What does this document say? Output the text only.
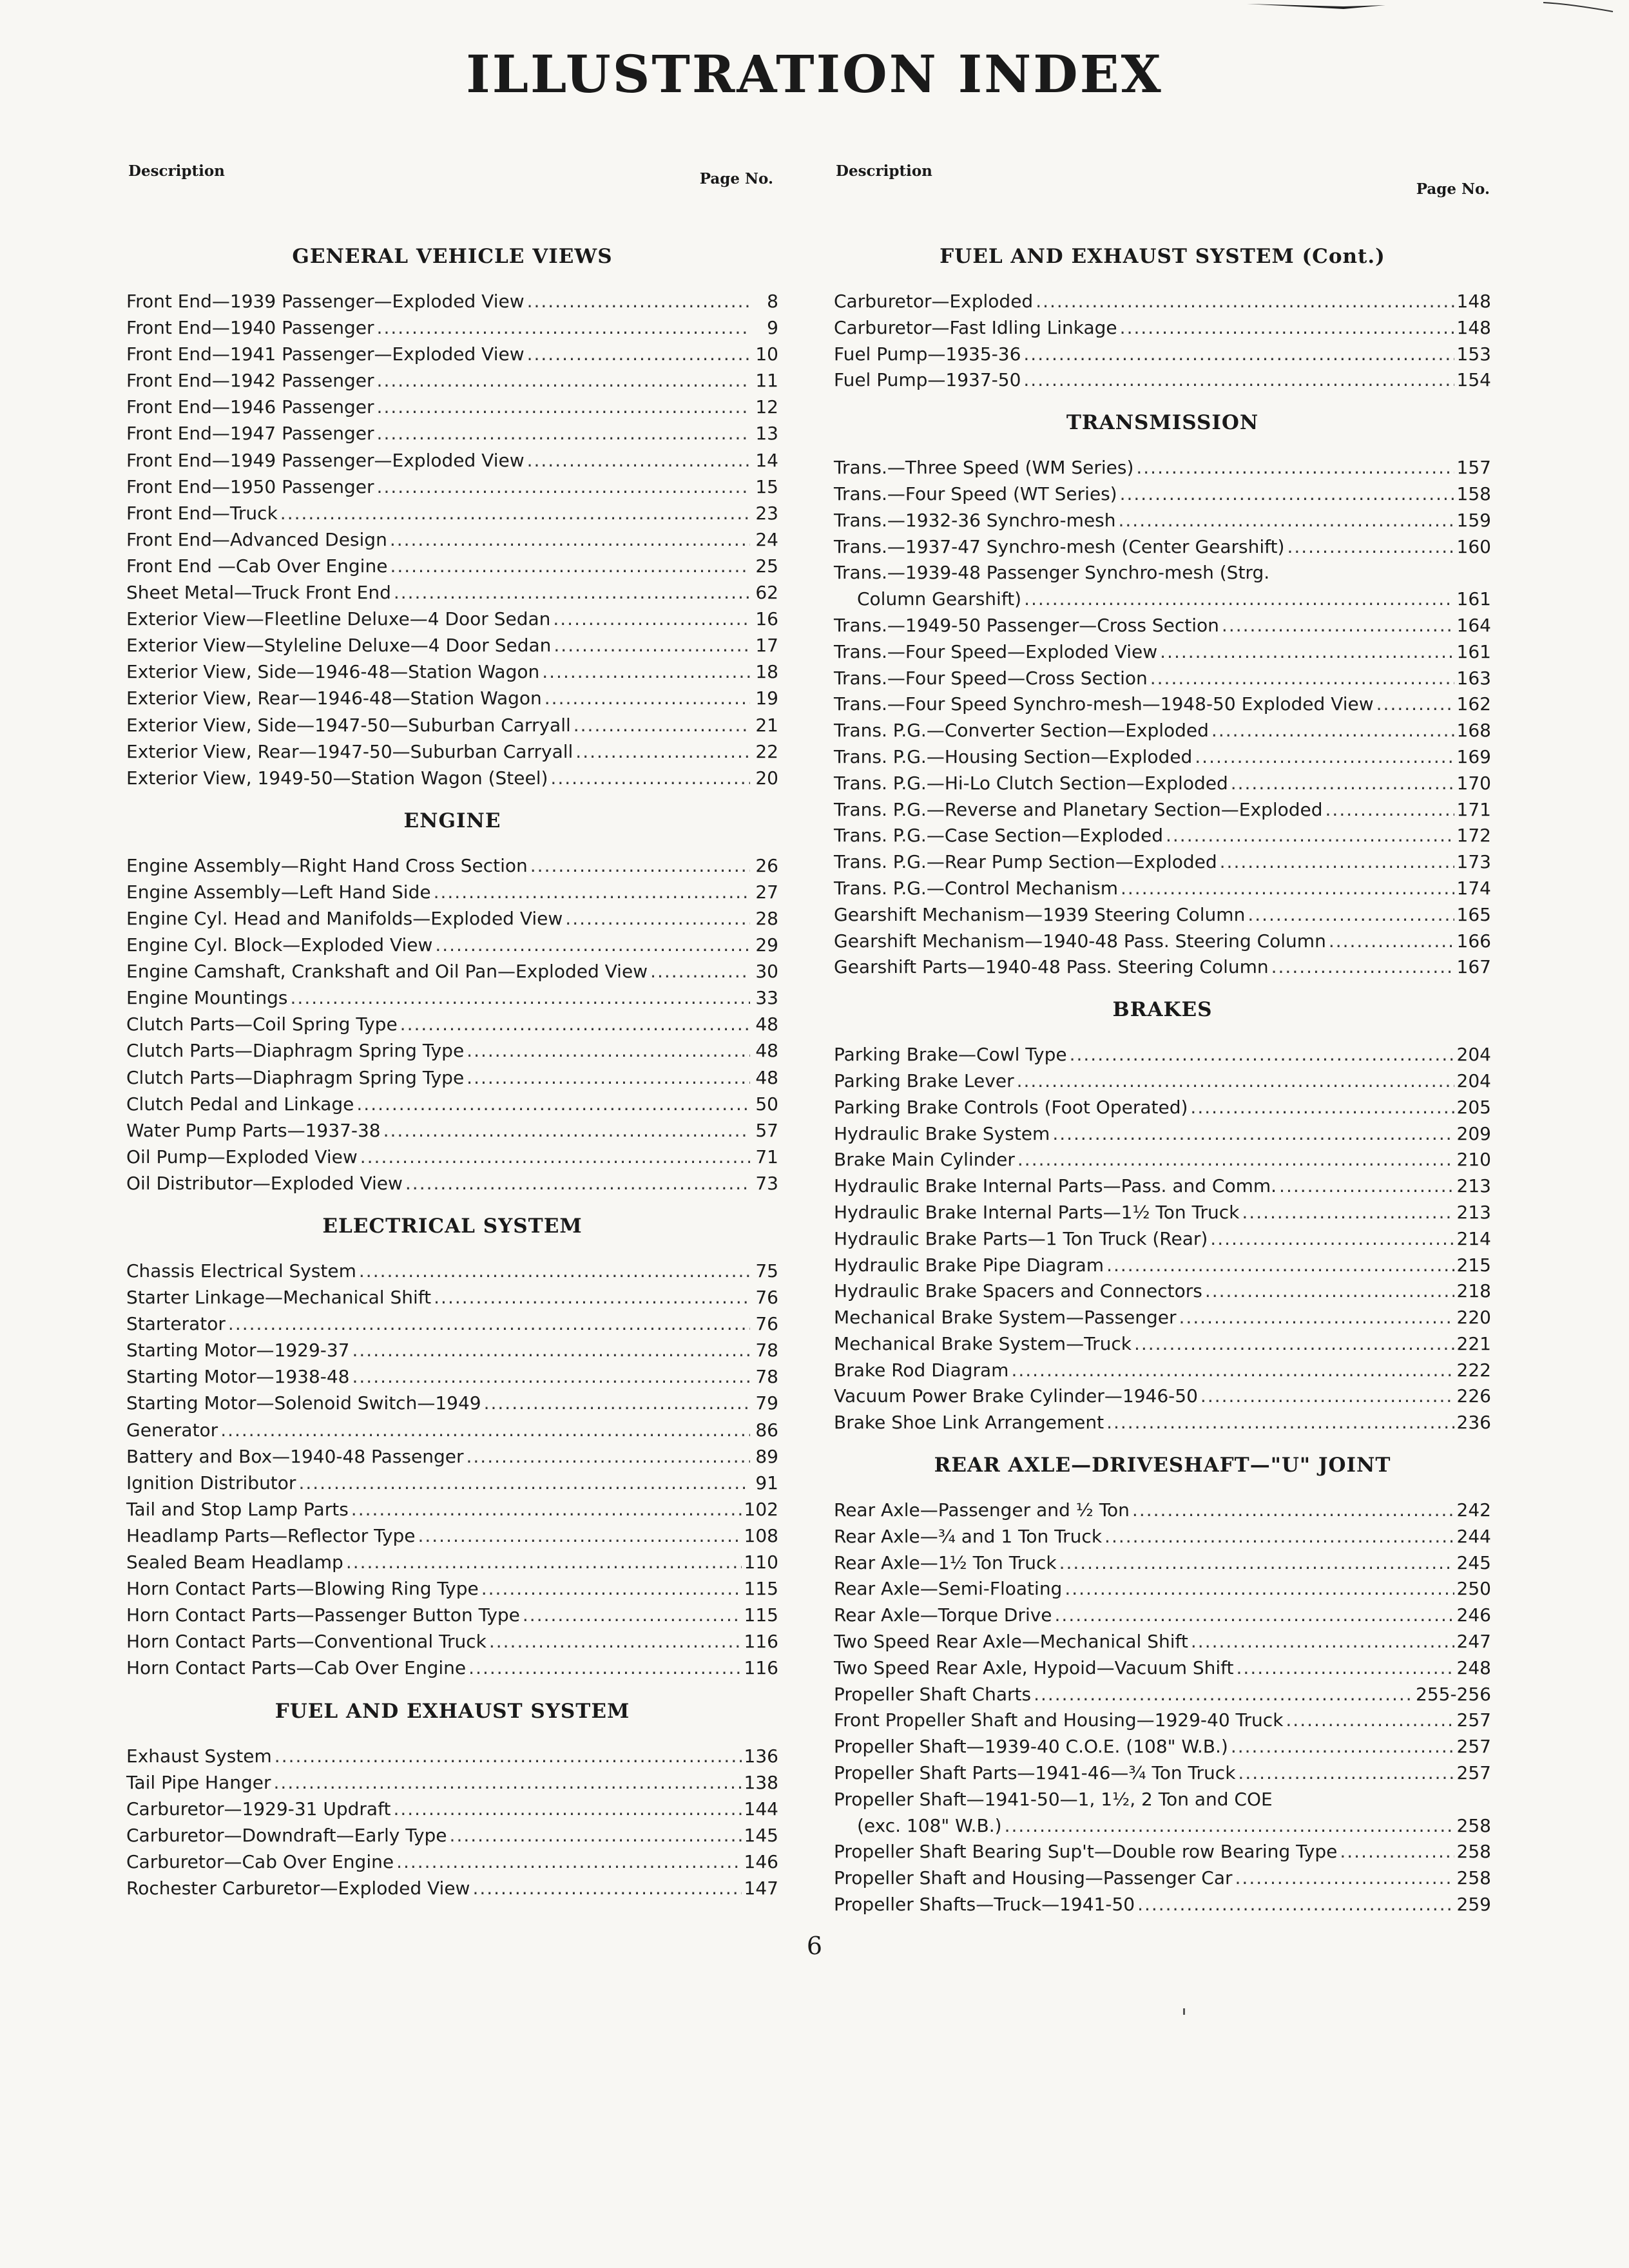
ILLUSTRATION INDEX
Description	Page No.
GENERAL VEHICLE VIEWS
Front End—1939 Passenger—Exploded View .....	8
Front End—1940 Passenger .....	9
Front End—1941 Passenger—Exploded View .....	10
Front End—1942 Passenger .....	11
Front End—1946 Passenger .....	12
Front End—1947 Passenger .....	13
Front End—1949 Passenger—Exploded View .....	14
Front End—1950 Passenger .....	15
Front End—Truck .....	23
Front End—Advanced Design .....	24
Front End —Cab Over Engine .....	25
Sheet Metal—Truck Front End .....	62
Exterior View—Fleetline Deluxe—4 Door Sedan .....	16
Exterior View—Styleline Deluxe—4 Door Sedan .....	17
Exterior View, Side—1946-48—Station Wagon .....	18
Exterior View, Rear—1946-48—Station Wagon .....	19
Exterior View, Side—1947-50—Suburban Carryall .....	21
Exterior View, Rear—1947-50—Suburban Carryall .....	22
Exterior View, 1949-50—Station Wagon (Steel) .....	20
ENGINE
Engine Assembly—Right Hand Cross Section .....	26
Engine Assembly—Left Hand Side .....	27
Engine Cyl. Head and Manifolds—Exploded View .....	28
Engine Cyl. Block—Exploded View .....	29
Engine Camshaft, Crankshaft and Oil Pan—Exploded View .....	30
Engine Mountings .....	33
Clutch Parts—Coil Spring Type .....	48
Clutch Parts—Diaphragm Spring Type .....	48
Clutch Parts—Diaphragm Spring Type .....	48
Clutch Pedal and Linkage .....	50
Water Pump Parts—1937-38 .....	57
Oil Pump—Exploded View .....	71
Oil Distributor—Exploded View .....	73
ELECTRICAL SYSTEM
Chassis Electrical System .....	75
Starter Linkage—Mechanical Shift .....	76
Starterator .....	76
Starting Motor—1929-37 .....	78
Starting Motor—1938-48 .....	78
Starting Motor—Solenoid Switch—1949 .....	79
Generator .....	86
Battery and Box—1940-48 Passenger .....	89
Ignition Distributor .....	91
Tail and Stop Lamp Parts .....	102
Headlamp Parts—Reflector Type .....	108
Sealed Beam Headlamp .....	110
Horn Contact Parts—Blowing Ring Type .....	115
Horn Contact Parts—Passenger Button Type .....	115
Horn Contact Parts—Conventional Truck .....	116
Horn Contact Parts—Cab Over Engine .....	116
FUEL AND EXHAUST SYSTEM
Exhaust System .....	136
Tail Pipe Hanger .....	138
Carburetor—1929-31 Updraft .....	144
Carburetor—Downdraft—Early Type .....	145
Carburetor—Cab Over Engine .....	146
Rochester Carburetor—Exploded View .....	147
Description
Page No.
FUEL AND EXHAUST SYSTEM (Cont.)
Carburetor—Exploded .....	148
Carburetor—Fast Idling Linkage .....	148
Fuel Pump—1935-36 .....	153
Fuel Pump—1937-50 .....	154
TRANSMISSION
Trans.—Three Speed (WM Series) .....	157
Trans.—Four Speed (WT Series) .....	158
Trans.—1932-36 Synchro-mesh .....	159
Trans.—1937-47 Synchro-mesh (Center Gearshift) .....	160
Trans.—1939-48 Passenger Synchro-mesh (Strg.
Column Gearshift) .....	161
Trans.—1949-50 Passenger—Cross Section .....	164
Trans.—Four Speed—Exploded View .....	161
Trans.—Four Speed—Cross Section .....	163
Trans.—Four Speed Synchro-mesh—1948-50 Exploded View .....	162
Trans. P.G.—Converter Section—Exploded .....	168
Trans. P.G.—Housing Section—Exploded .....	169
Trans. P.G.—Hi-Lo Clutch Section—Exploded .....	170
Trans. P.G.—Reverse and Planetary Section—Exploded .....	171
Trans. P.G.—Case Section—Exploded .....	172
Trans. P.G.—Rear Pump Section—Exploded .....	173
Trans. P.G.—Control Mechanism .....	174
Gearshift Mechanism—1939 Steering Column .....	165
Gearshift Mechanism—1940-48 Pass. Steering Column .....	166
Gearshift Parts—1940-48 Pass. Steering Column .....	167
BRAKES
Parking Brake—Cowl Type .....	204
Parking Brake Lever .....	204
Parking Brake Controls (Foot Operated) .....	205
Hydraulic Brake System .....	209
Brake Main Cylinder .....	210
Hydraulic Brake Internal Parts—Pass. and Comm. .....	213
Hydraulic Brake Internal Parts—1½ Ton Truck .....	213
Hydraulic Brake Parts—1 Ton Truck (Rear) .....	214
Hydraulic Brake Pipe Diagram .....	215
Hydraulic Brake Spacers and Connectors .....	218
Mechanical Brake System—Passenger .....	220
Mechanical Brake System—Truck .....	221
Brake Rod Diagram .....	222
Vacuum Power Brake Cylinder—1946-50 .....	226
Brake Shoe Link Arrangement .....	236
REAR AXLE—DRIVESHAFT—"U" JOINT
Rear Axle—Passenger and ½ Ton .....	242
Rear Axle—¾ and 1 Ton Truck .....	244
Rear Axle—1½ Ton Truck .....	245
Rear Axle—Semi-Floating .....	250
Rear Axle—Torque Drive .....	246
Two Speed Rear Axle—Mechanical Shift .....	247
Two Speed Rear Axle, Hypoid—Vacuum Shift .....	248
Propeller Shaft Charts .....	255-256
Front Propeller Shaft and Housing—1929-40 Truck .....	257
Propeller Shaft—1939-40 C.O.E. (108" W.B.) .....	257
Propeller Shaft Parts—1941-46—¾ Ton Truck .....	257
Propeller Shaft—1941-50—1, 1½, 2 Ton and COE
(exc. 108" W.B.) .....	258
Propeller Shaft Bearing Sup't—Double row Bearing Type .....	258
Propeller Shaft and Housing—Passenger Car .....	258
Propeller Shafts—Truck—1941-50 .....	259
6
